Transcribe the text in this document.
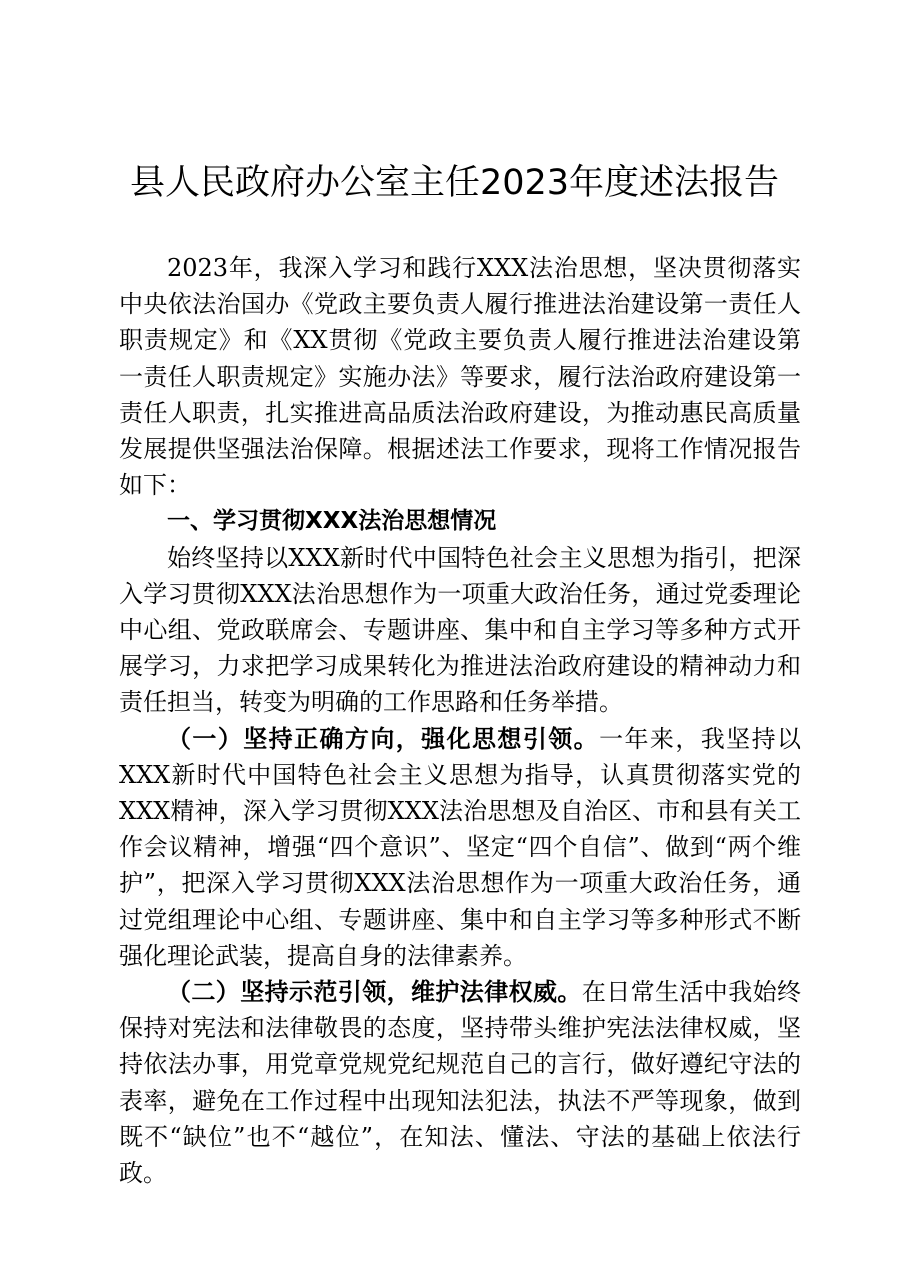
县人民政府办公室主任2023年度述法报告

2023年，我深入学习和践行XXX法治思想，坚决贯彻落实中央依法治国办《党政主要负责人履行推进法治建设第一责任人职责规定》和《XX贯彻《党政主要负责人履行推进法治建设第一责任人职责规定》实施办法》等要求，履行法治政府建设第一责任人职责，扎实推进高品质法治政府建设，为推动惠民高质量发展提供坚强法治保障。根据述法工作要求，现将工作情况报告如下：

一、学习贯彻XXX法治思想情况

始终坚持以XXX新时代中国特色社会主义思想为指引，把深入学习贯彻XXX法治思想作为一项重大政治任务，通过党委理论中心组、党政联席会、专题讲座、集中和自主学习等多种方式开展学习，力求把学习成果转化为推进法治政府建设的精神动力和责任担当，转变为明确的工作思路和任务举措。

（一）坚持正确方向，强化思想引领。一年来，我坚持以XXX新时代中国特色社会主义思想为指导，认真贯彻落实党的XXX精神，深入学习贯彻XXX法治思想及自治区、市和县有关工作会议精神，增强“四个意识”、坚定“四个自信”、做到“两个维护”，把深入学习贯彻XXX法治思想作为一项重大政治任务，通过党组理论中心组、专题讲座、集中和自主学习等多种形式不断强化理论武装，提高自身的法律素养。

（二）坚持示范引领，维护法律权威。在日常生活中我始终保持对宪法和法律敬畏的态度，坚持带头维护宪法法律权威，坚持依法办事，用党章党规党纪规范自己的言行，做好遵纪守法的表率，避免在工作过程中出现知法犯法，执法不严等现象，做到既不“缺位”也不“越位”，在知法、懂法、守法的基础上依法行政。
